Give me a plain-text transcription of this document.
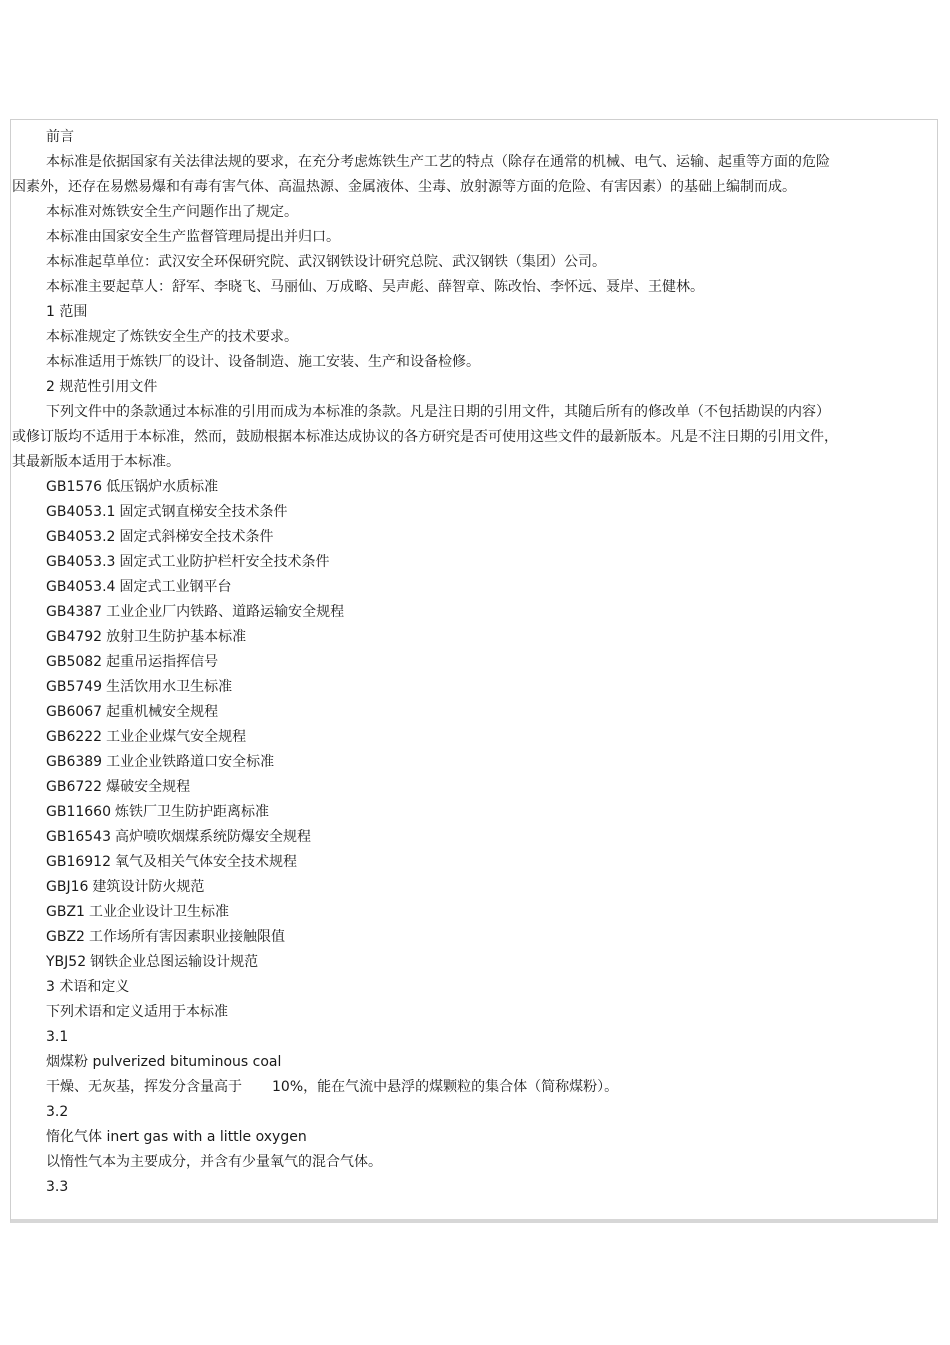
前言
本标准是依据国家有关法律法规的要求，在充分考虑炼铁生产工艺的特点（除存在通常的机械、电气、运输、起重等方面的危险因素外，还存在易燃易爆和有毒有害气体、高温热源、金属液体、尘毒、放射源等方面的危险、有害因素）的基础上编制而成。
本标准对炼铁安全生产问题作出了规定。
本标准由国家安全生产监督管理局提出并归口。
本标准起草单位：武汉安全环保研究院、武汉钢铁设计研究总院、武汉钢铁（集团）公司。
本标准主要起草人：舒军、李晓飞、马丽仙、万成略、吴声彪、薛智章、陈改怡、李怀远、聂岸、王健林。
1 范围
本标准规定了炼铁安全生产的技术要求。
本标准适用于炼铁厂的设计、设备制造、施工安装、生产和设备检修。
2 规范性引用文件
下列文件中的条款通过本标准的引用而成为本标准的条款。凡是注日期的引用文件，其随后所有的修改单（不包括勘误的内容）或修订版均不适用于本标准，然而，鼓励根据本标准达成协议的各方研究是否可使用这些文件的最新版本。凡是不注日期的引用文件，其最新版本适用于本标准。
GB1576 低压锅炉水质标准
GB4053.1 固定式钢直梯安全技术条件
GB4053.2 固定式斜梯安全技术条件
GB4053.3 固定式工业防护栏杆安全技术条件
GB4053.4 固定式工业钢平台
GB4387 工业企业厂内铁路、道路运输安全规程
GB4792 放射卫生防护基本标准
GB5082 起重吊运指挥信号
GB5749 生活饮用水卫生标准
GB6067 起重机械安全规程
GB6222 工业企业煤气安全规程
GB6389 工业企业铁路道口安全标准
GB6722 爆破安全规程
GB11660 炼铁厂卫生防护距离标准
GB16543 高炉喷吹烟煤系统防爆安全规程
GB16912 氧气及相关气体安全技术规程
GBJ16 建筑设计防火规范
GBZ1 工业企业设计卫生标准
GBZ2 工作场所有害因素职业接触限值
YBJ52 钢铁企业总图运输设计规范
3 术语和定义
下列术语和定义适用于本标准
3.1
烟煤粉 pulverized bituminous coal
干燥、无灰基，挥发分含量高于 10%，能在气流中悬浮的煤颗粒的集合体（简称煤粉）。
3.2
惰化气体 inert gas with a little oxygen
以惰性气本为主要成分，并含有少量氧气的混合气体。
3.3
